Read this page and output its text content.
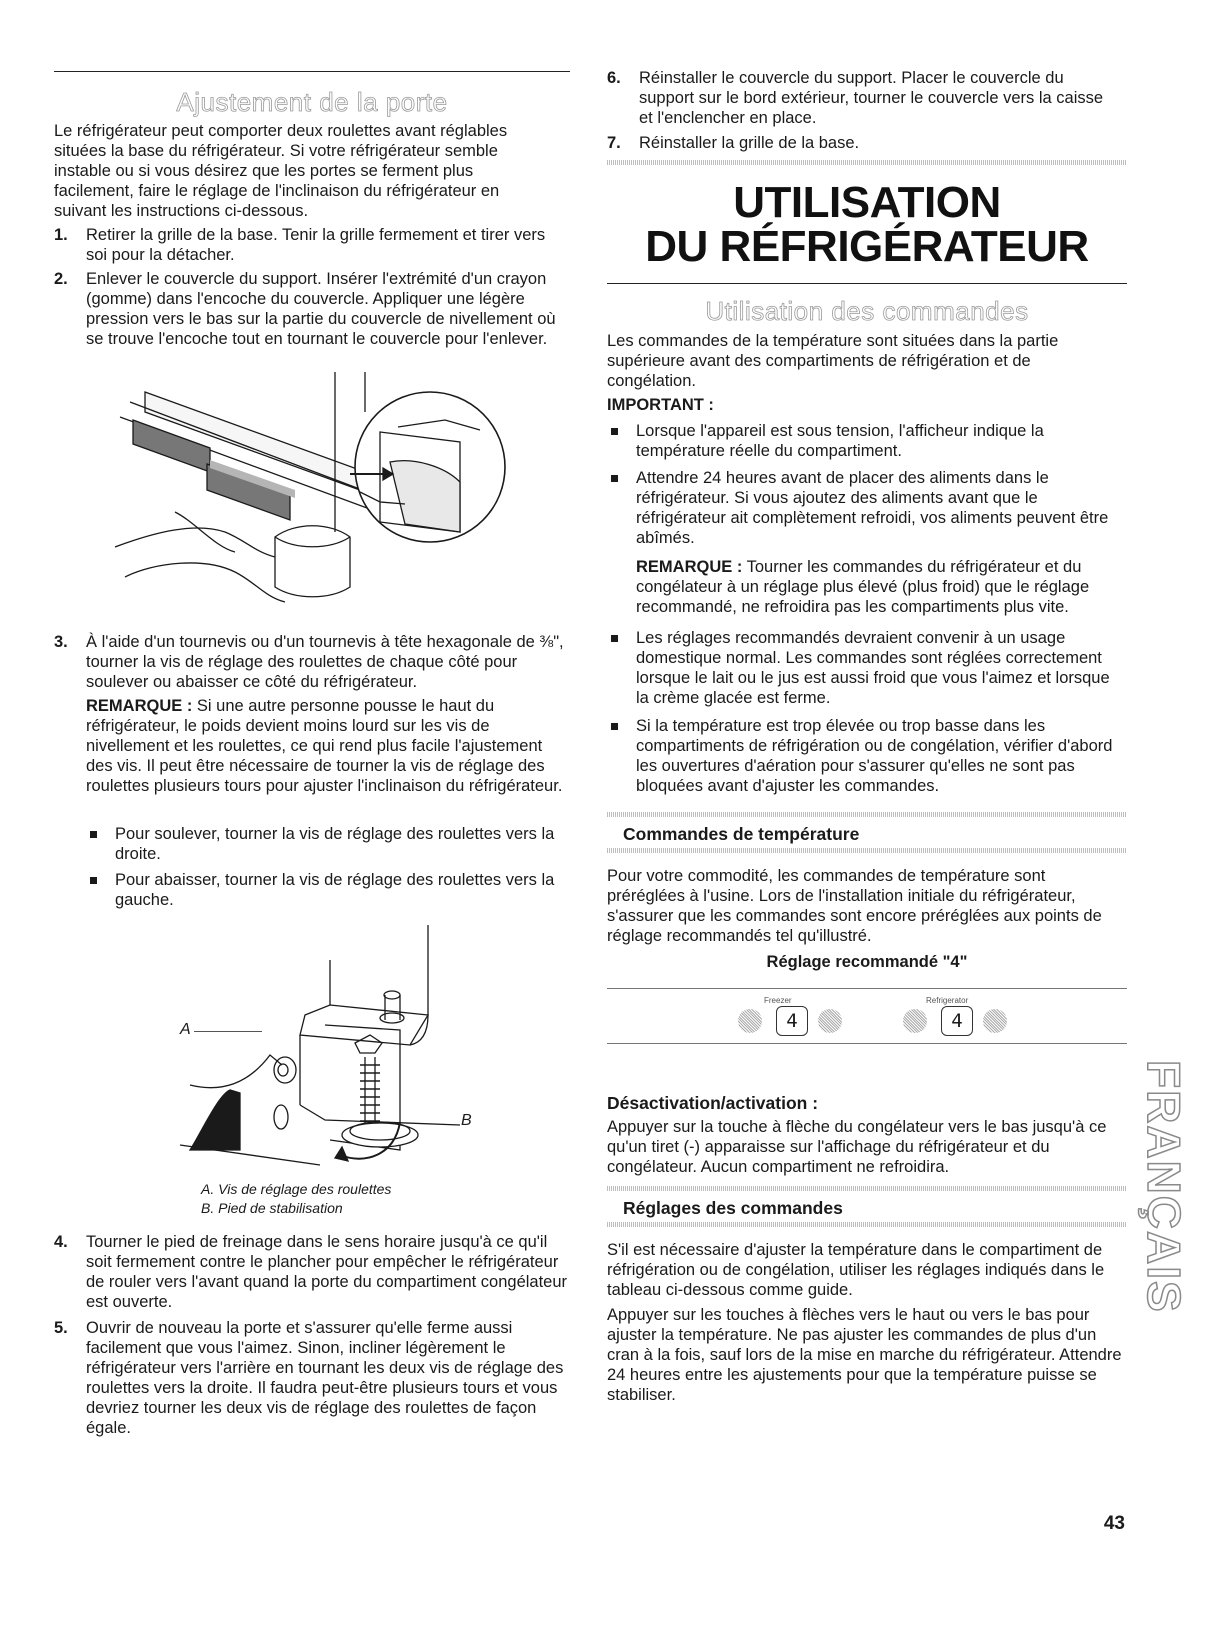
Ajustement de la porte

Le réfrigérateur peut comporter deux roulettes avant réglables situées la base du réfrigérateur. Si votre réfrigérateur semble instable ou si vous désirez que les portes se ferment plus facilement, faire le réglage de l'inclinaison du réfrigérateur en suivant les instructions ci-dessous.

1. Retirer la grille de la base. Tenir la grille fermement et tirer vers soi pour la détacher.

2. Enlever le couvercle du support. Insérer l'extrémité d'un crayon (gomme) dans l'encoche du couvercle. Appliquer une légère pression vers le bas sur la partie du couvercle de nivellement où se trouve l'encoche tout en tournant le couvercle pour l'enlever.

3. À l'aide d'un tournevis ou d'un tournevis à tête hexagonale de ⅜", tourner la vis de réglage des roulettes de chaque côté pour soulever ou abaisser ce côté du réfrigérateur.

REMARQUE : Si une autre personne pousse le haut du réfrigérateur, le poids devient moins lourd sur les vis de nivellement et les roulettes, ce qui rend plus facile l'ajustement des vis. Il peut être nécessaire de tourner la vis de réglage des roulettes plusieurs tours pour ajuster l'inclinaison du réfrigérateur.

Pour soulever, tourner la vis de réglage des roulettes vers la droite.

Pour abaisser, tourner la vis de réglage des roulettes vers la gauche.

A
B
A. Vis de réglage des roulettes
B. Pied de stabilisation
4. Tourner le pied de freinage dans le sens horaire jusqu'à ce qu'il soit fermement contre le plancher pour empêcher le réfrigérateur de rouler vers l'avant quand la porte du compartiment congélateur est ouverte.

5. Ouvrir de nouveau la porte et s'assurer qu'elle ferme aussi facilement que vous l'aimez. Sinon, incliner légèrement le réfrigérateur vers l'arrière en tournant les deux vis de réglage des roulettes vers la droite. Il faudra peut-être plusieurs tours et vous devriez tourner les deux vis de réglage des roulettes de façon égale.

6. Réinstaller le couvercle du support. Placer le couvercle du support sur le bord extérieur, tourner le couvercle vers la caisse et l'enclencher en place.

7. Réinstaller la grille de la base.

UTILISATION
DU RÉFRIGÉRATEUR
Utilisation des commandes

Les commandes de la température sont situées dans la partie supérieure avant des compartiments de réfrigération et de congélation.

IMPORTANT :

Lorsque l'appareil est sous tension, l'afficheur indique la température réelle du compartiment.

Attendre 24 heures avant de placer des aliments dans le réfrigérateur. Si vous ajoutez des aliments avant que le réfrigérateur ait complètement refroidi, vos aliments peuvent être abîmés.

REMARQUE : Tourner les commandes du réfrigérateur et du congélateur à un réglage plus élevé (plus froid) que le réglage recommandé, ne refroidira pas les compartiments plus vite.

Les réglages recommandés devraient convenir à un usage domestique normal. Les commandes sont réglées correctement lorsque le lait ou le jus est aussi froid que vous l'aimez et lorsque la crème glacée est ferme.

Si la température est trop élevée ou trop basse dans les compartiments de réfrigération ou de congélation, vérifier d'abord les ouvertures d'aération pour s'assurer qu'elles ne sont pas bloquées avant d'ajuster les commandes.

Commandes de température

Pour votre commodité, les commandes de température sont préréglées à l'usine. Lors de l'installation initiale du réfrigérateur, s'assurer que les commandes sont encore préréglées aux points de réglage recommandés tel qu'illustré.

Réglage recommandé "4"
Freezer	Refrigerator
4	4
Désactivation/activation :

Appuyer sur la touche à flèche du congélateur vers le bas jusqu'à ce qu'un tiret (-) apparaisse sur l'affichage du réfrigérateur et du congélateur. Aucun compartiment ne refroidira.

Réglages des commandes

S'il est nécessaire d'ajuster la température dans le compartiment de réfrigération ou de congélation, utiliser les réglages indiqués dans le tableau ci-dessous comme guide.

Appuyer sur les touches à flèches vers le haut ou vers le bas pour ajuster la température. Ne pas ajuster les commandes de plus d'un cran à la fois, sauf lors de la mise en marche du réfrigérateur. Attendre 24 heures entre les ajustements pour que la température puisse se stabiliser.

FRANÇAIS
43
